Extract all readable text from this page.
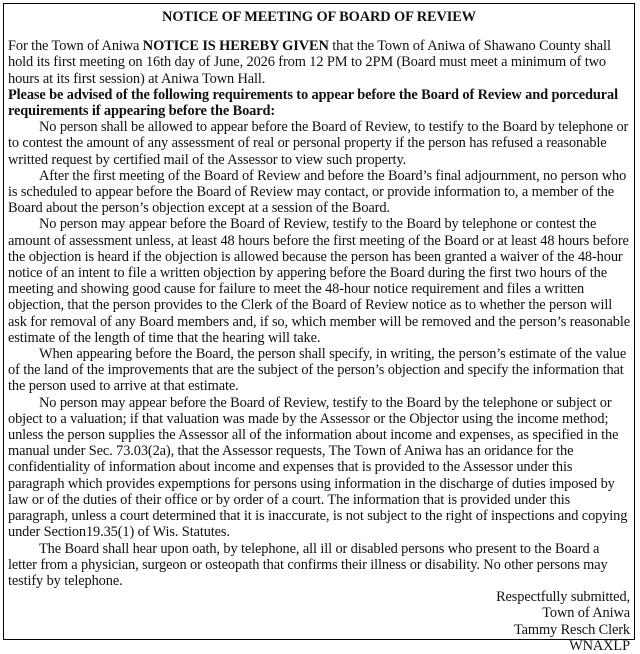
NOTICE OF MEETING OF BOARD OF REVIEW

For the Town of Aniwa NOTICE IS HEREBY GIVEN that the Town of Aniwa of Shawano County shall hold its first meeting on 16th day of June, 2026 from 12 PM to 2PM (Board must meet a minimum of two hours at its first session) at Aniwa Town Hall.

Please be advised of the following requirements to appear before the Board of Review and porcedural requirements if appearing before the Board:

No person shall be allowed to appear before the Board of Review, to testify to the Board by telephone or to contest the amount of any assessment of real or personal property if the person has refused a reasonable writted request by certified mail of the Assessor to view such property.

After the first meeting of the Board of Review and before the Board’s final adjournment, no person who is scheduled to appear before the Board of Review may contact, or provide information to, a member of the Board about the person’s objection except at a session of the Board.

No person may appear before the Board of Review, testify to the Board by telephone or contest the amount of assessment unless, at least 48 hours before the first meeting of the Board or at least 48 hours before the objection is heard if the objection is allowed because the person has been granted a waiver of the 48-hour notice of an intent to file a written objection by appering before the Board during the first two hours of the meeting and showing good cause for failure to meet the 48-hour notice requirement and files a written objection, that the person provides to the Clerk of the Board of Review notice as to whether the person will ask for removal of any Board members and, if so, which member will be removed and the person’s reasonable estimate of the length of time that the hearing will take.

When appearing before the Board, the person shall specify, in writing, the person’s estimate of the value of the land of the improvements that are the subject of the person’s objection and specify the information that the person used to arrive at that estimate.

No person may appear before the Board of Review, testify to the Board by the telephone or subject or object to a valuation; if that valuation was made by the Assessor or the Objector using the income method; unless the person supplies the Assessor all of the information about income and expenses, as specified in the manual under Sec. 73.03(2a), that the Assessor requests, The Town of Aniwa has an oridance for the confidentiality of information about income and expenses that is provided to the Assessor under this paragraph which provides expemptions for persons using information in the discharge of duties imposed by law or of the duties of their office or by order of a court. The information that is provided under this paragraph, unless a court determined that it is inaccurate, is not subject to the right of inspections and copying under Section19.35(1) of Wis. Statutes.

The Board shall hear upon oath, by telephone, all ill or disabled persons who present to the Board a letter from a physician, surgeon or osteopath that confirms their illness or disability. No other persons may testify by telephone.

Respectfully submitted,

Town of Aniwa

Tammy Resch Clerk

WNAXLP
